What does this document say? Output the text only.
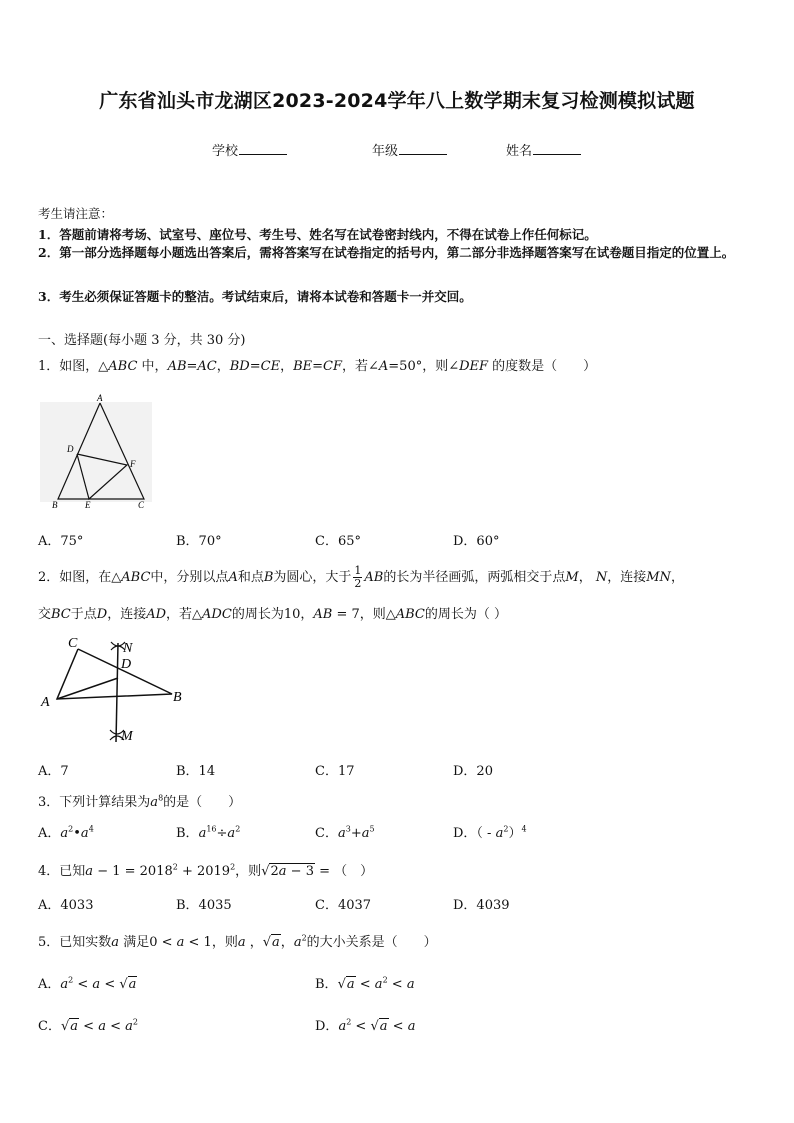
广东省汕头市龙湖区2023-2024学年八上数学期末复习检测模拟试题
学校	年级	姓名
考生请注意：
1．答题前请将考场、试室号、座位号、考生号、姓名写在试卷密封线内，不得在试卷上作任何标记。
2．第一部分选择题每小题选出答案后，需将答案写在试卷指定的括号内，第二部分非选择题答案写在试卷题目指定的位置上。
3．考生必须保证答题卡的整洁。考试结束后，请将本试卷和答题卡一并交回。
一、选择题(每小题 3 分，共 30 分)
1．如图，△ABC 中，AB=AC，BD=CE，BE=CF，若∠A=50°，则∠DEF 的度数是（　　）
A
D
F
B	E	C
A．75°	B．70°	C．65°	D．60°
2．如图，在△ABC中，分别以点A和点B为圆心，大于 $\frac{1}{2}$ AB的长为半径画弧，两弧相交于点M， N，连接MN，
交BC于点D，连接AD，若△ADC的周长为10，AB = 7，则△ABC的周长为（ ）
C	N
D
A	B
M
A．7	B．14	C．17	D．20
3．下列计算结果为$a^8$的是（　　）
A．$a^2•a^4$	B．$a^{16}\div a^2$	C．$a^3+a^5$	D．（ - $a^2)^4$
4．已知$a - 1 = 2018^2 + 2019^2$，则√2a − 3 = （　）
A．4033	B．4035	C．4037	D．4039
5．已知实数a 满足0 < a < 1，则a ，√a，$a^2$的大小关系是（　　）
A．$a^2 < a < √a$	B．$√a < a^2 < a$
C．$√a < a < a^2$	D．$a^2 < √a < a$
